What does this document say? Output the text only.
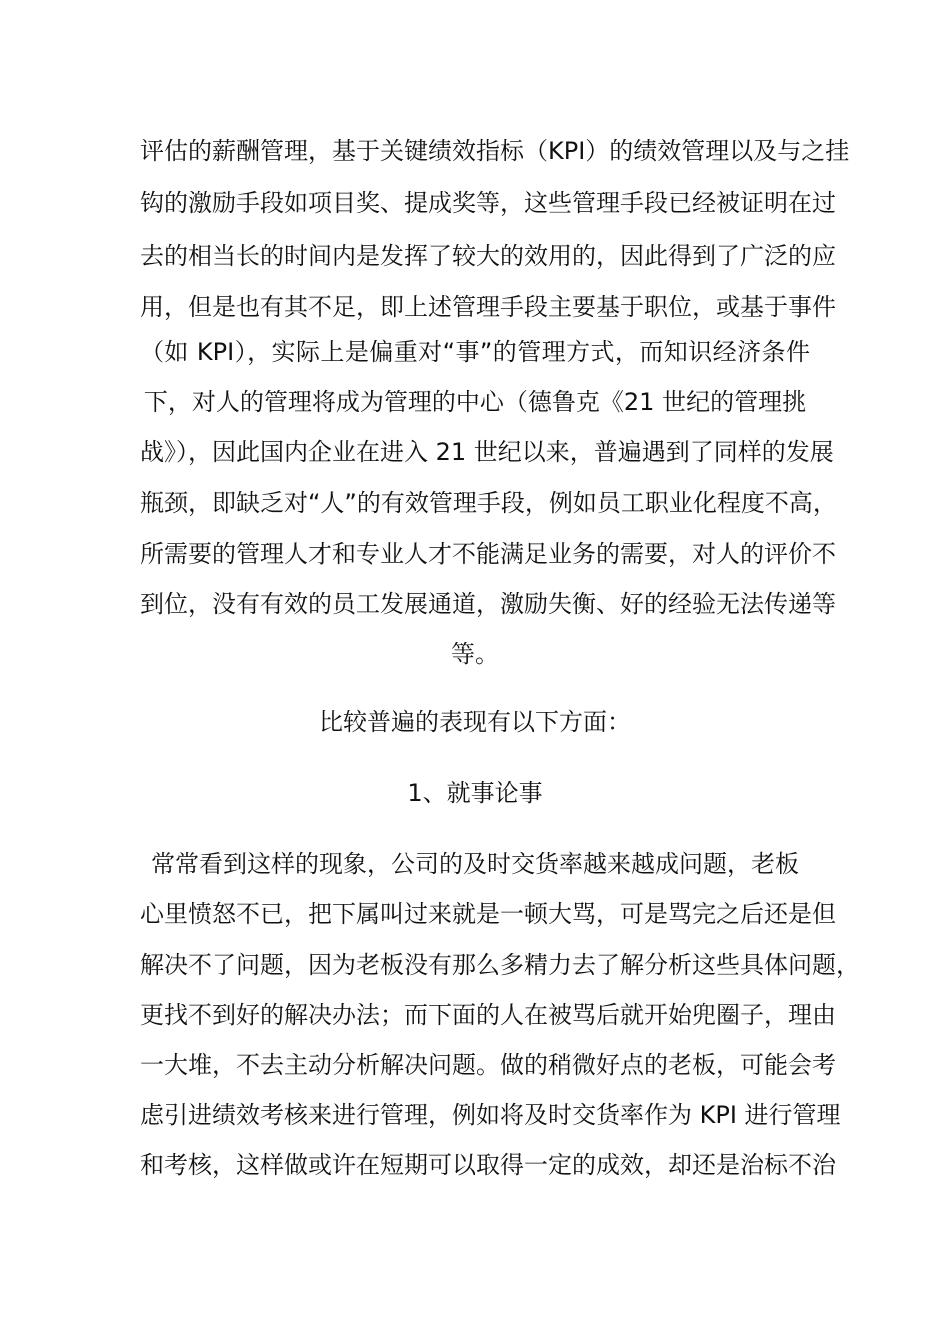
评估的薪酬管理，基于关键绩效指标（KPI）的绩效管理以及与之挂
钩的激励手段如项目奖、提成奖等，这些管理手段已经被证明在过
去的相当长的时间内是发挥了较大的效用的，因此得到了广泛的应
用，但是也有其不足，即上述管理手段主要基于职位，或基于事件
（如 KPI），实际上是偏重对“事”的管理方式，而知识经济条件
下，对人的管理将成为管理的中心（德鲁克《21 世纪的管理挑
战》），因此国内企业在进入 21 世纪以来，普遍遇到了同样的发展
瓶颈，即缺乏对“人”的有效管理手段，例如员工职业化程度不高，
所需要的管理人才和专业人才不能满足业务的需要，对人的评价不
到位，没有有效的员工发展通道，激励失衡、好的经验无法传递等
等。
比较普遍的表现有以下方面：
1、就事论事
常常看到这样的现象，公司的及时交货率越来越成问题，老板
心里愤怒不已，把下属叫过来就是一顿大骂，可是骂完之后还是但
解决不了问题，因为老板没有那么多精力去了解分析这些具体问题，
更找不到好的解决办法；而下面的人在被骂后就开始兜圈子，理由
一大堆，不去主动分析解决问题。做的稍微好点的老板，可能会考
虑引进绩效考核来进行管理，例如将及时交货率作为 KPI 进行管理
和考核，这样做或许在短期可以取得一定的成效，却还是治标不治
